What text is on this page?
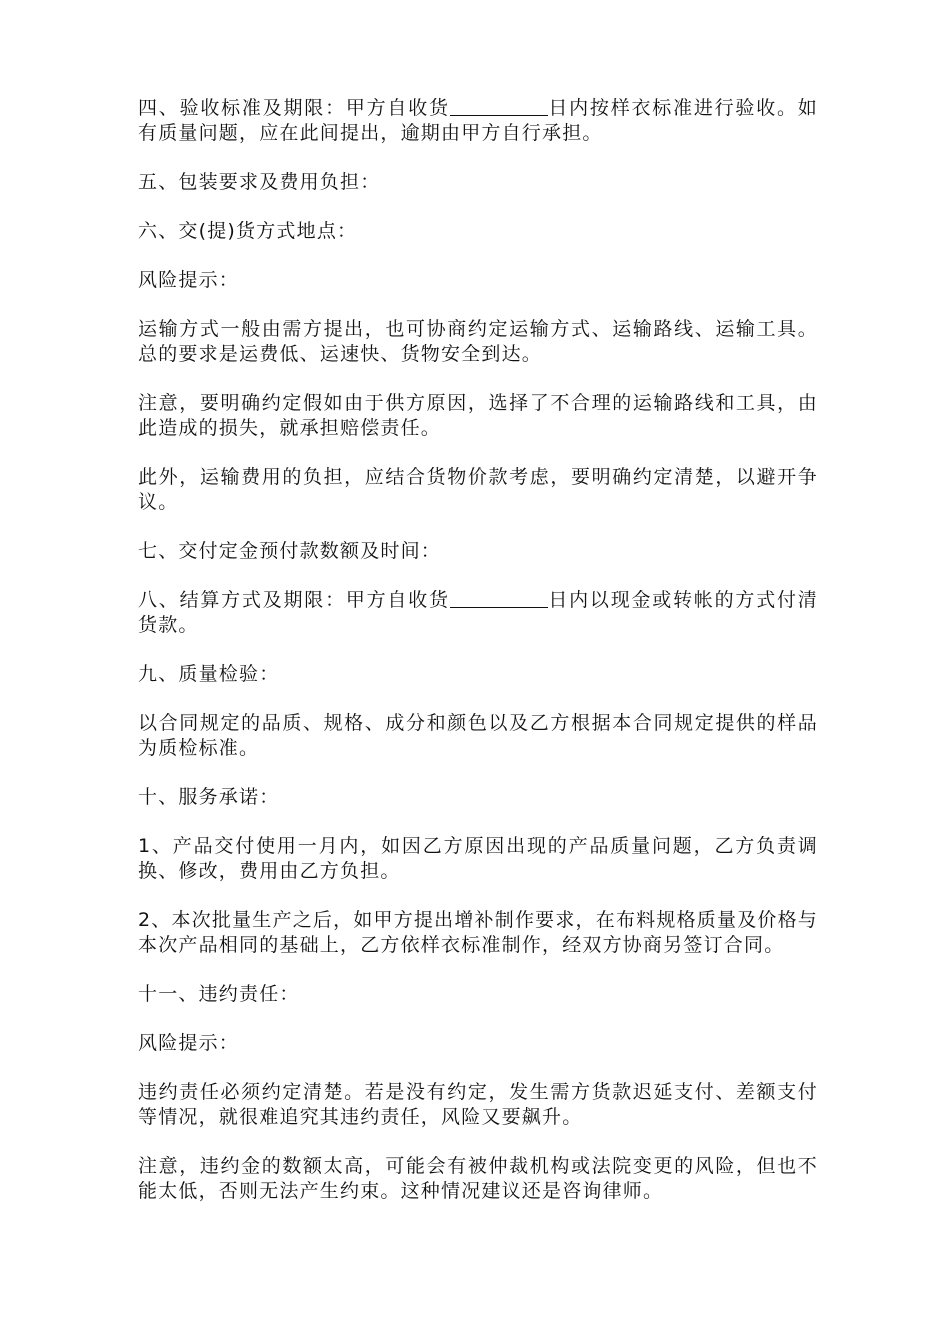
四、验收标准及期限：甲方自收货	日内按样衣标准进行验收。如有质量问题，应在此间提出，逾期由甲方自行承担。

五、包装要求及费用负担：

六、交(提)货方式地点：

风险提示：

运输方式一般由需方提出，也可协商约定运输方式、运输路线、运输工具。总的要求是运费低、运速快、货物安全到达。

注意，要明确约定假如由于供方原因，选择了不合理的运输路线和工具，由此造成的损失，就承担赔偿责任。

此外，运输费用的负担，应结合货物价款考虑，要明确约定清楚，以避开争议。

七、交付定金预付款数额及时间：

八、结算方式及期限：甲方自收货	日内以现金或转帐的方式付清货款。

九、质量检验：

以合同规定的品质、规格、成分和颜色以及乙方根据本合同规定提供的样品为质检标准。

十、服务承诺：

1、产品交付使用一月内，如因乙方原因出现的产品质量问题，乙方负责调换、修改，费用由乙方负担。

2、本次批量生产之后，如甲方提出增补制作要求，在布料规格质量及价格与本次产品相同的基础上，乙方依样衣标准制作，经双方协商另签订合同。

十一、违约责任：

风险提示：

违约责任必须约定清楚。若是没有约定，发生需方货款迟延支付、差额支付等情况，就很难追究其违约责任，风险又要飙升。

注意，违约金的数额太高，可能会有被仲裁机构或法院变更的风险，但也不能太低，否则无法产生约束。这种情况建议还是咨询律师。
